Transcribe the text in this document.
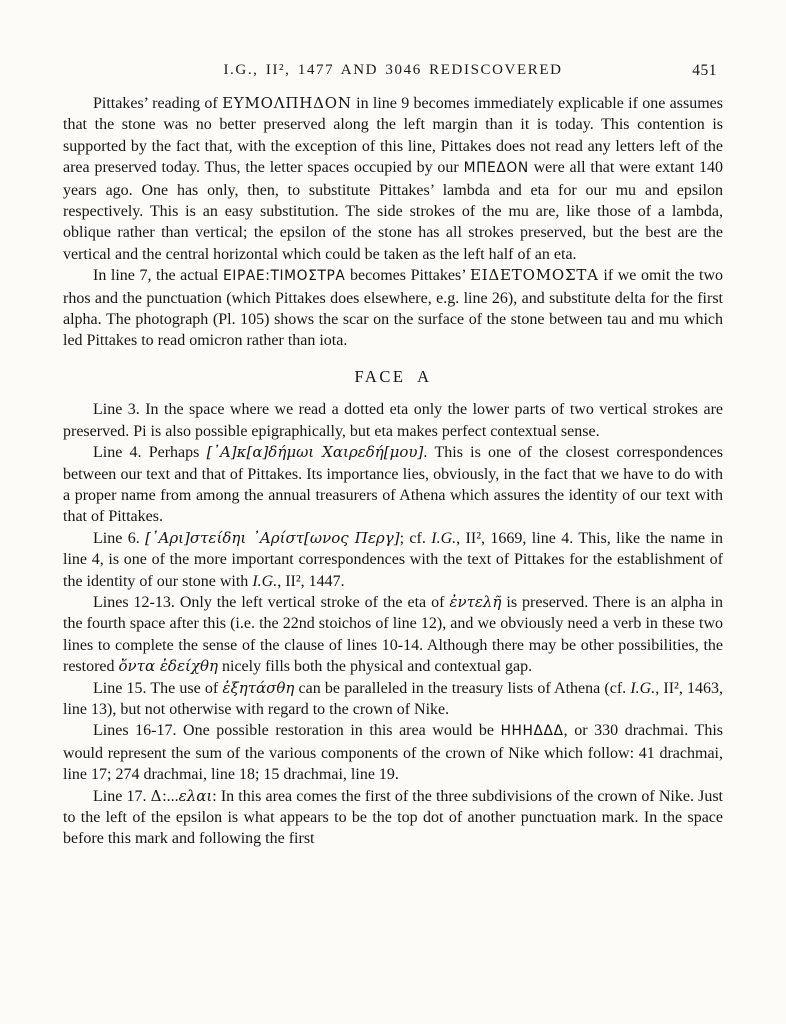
I.G., II², 1477 AND 3046 REDISCOVERED	451

Pittakes’ reading of ΕΥΜΟΛΠΗΔΟΝ in line 9 becomes immediately explicable if one assumes that the stone was no better preserved along the left margin than it is today. This contention is supported by the fact that, with the exception of this line, Pittakes does not read any letters left of the area preserved today. Thus, the letter spaces occupied by our ΜΠΕΔΟΝ were all that were extant 140 years ago. One has only, then, to substitute Pittakes’ lambda and eta for our mu and epsilon respectively. This is an easy substitution. The side strokes of the mu are, like those of a lambda, oblique rather than vertical; the epsilon of the stone has all strokes preserved, but the best are the vertical and the central horizontal which could be taken as the left half of an eta.

In line 7, the actual ΕΙΡΑΕ:ΤΙΜΟΣΤΡΑ becomes Pittakes’ ΕΙΔΕΤΟΜΟΣΤΑ if we omit the two rhos and the punctuation (which Pittakes does elsewhere, e.g. line 26), and substitute delta for the first alpha. The photograph (Pl. 105) shows the scar on the surface of the stone between tau and mu which led Pittakes to read omicron rather than iota.

FACE A

Line 3. In the space where we read a dotted eta only the lower parts of two vertical strokes are preserved. Pi is also possible epigraphically, but eta makes perfect contextual sense.

Line 4. Perhaps [᾿Α]κ[α]δήμωι Χαιρεδή[μου]. This is one of the closest correspondences between our text and that of Pittakes. Its importance lies, obviously, in the fact that we have to do with a proper name from among the annual treasurers of Athena which assures the identity of our text with that of Pittakes.

Line 6. [᾿Αρι]στείδηι ᾿Αρίστ[ωνος Περγ]; cf. I.G., II², 1669, line 4. This, like the name in line 4, is one of the more important correspondences with the text of Pittakes for the establishment of the identity of our stone with I.G., II², 1447.

Lines 12-13. Only the left vertical stroke of the eta of ἐντελῆ is preserved. There is an alpha in the fourth space after this (i.e. the 22nd stoichos of line 12), and we obviously need a verb in these two lines to complete the sense of the clause of lines 10-14. Although there may be other possibilities, the restored ὄντα ἐδείχθη nicely fills both the physical and contextual gap.

Line 15. The use of ἐξητάσθη can be paralleled in the treasury lists of Athena (cf. I.G., II², 1463, line 13), but not otherwise with regard to the crown of Nike.

Lines 16-17. One possible restoration in this area would be ΗΗΗΔΔΔ, or 330 drachmai. This would represent the sum of the various components of the crown of Nike which follow: 41 drachmai, line 17; 274 drachmai, line 18; 15 drachmai, line 19.

Line 17. Δ:...ελαι: In this area comes the first of the three subdivisions of the crown of Nike. Just to the left of the epsilon is what appears to be the top dot of another punctuation mark. In the space before this mark and following the first
